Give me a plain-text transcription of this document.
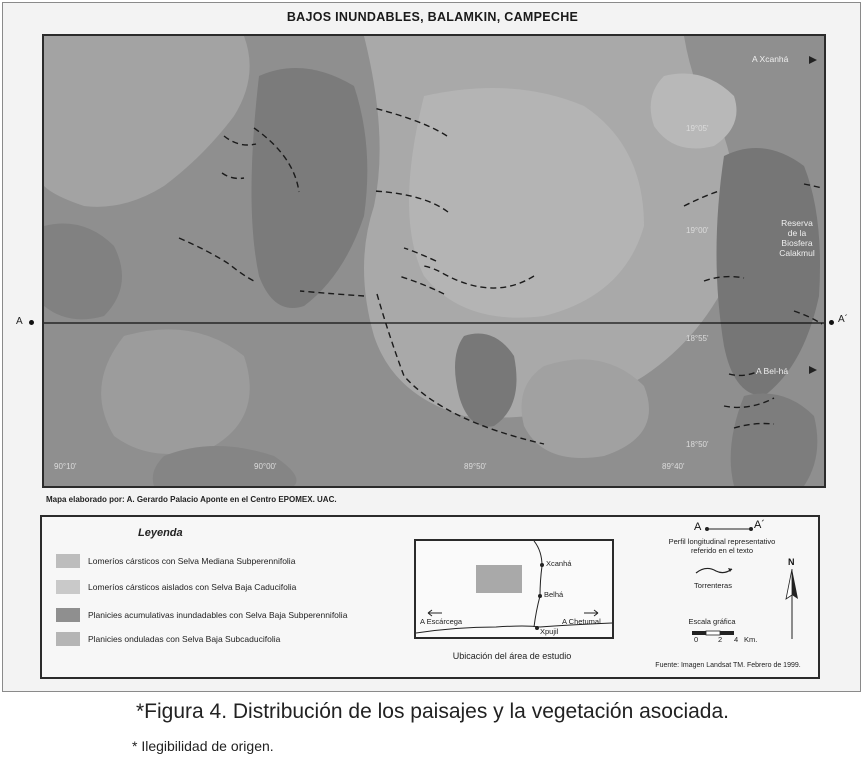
BAJOS INUNDABLES, BALAMKIN, CAMPECHE
A Xcanhá
A Bel-há
Reserva
de la
Biosfera
Calakmul
19°05'
19°00'
18°55'
18°50'
90°10'	90°00'	89°50'	89°40'
A	A´
Mapa elaborado por: A. Gerardo Palacio Aponte en el Centro EPOMEX. UAC.
Leyenda
Lomeríos cársticos con Selva Mediana Subperennifolia
Lomeríos cársticos aislados con Selva Baja Caducifolia
Planicies acumulativas inundadables con Selva Baja Subperennifolia
Planicies onduladas con Selva Baja Subcaducifolia
Xcanhá
Belhá
Xpujil
A Escárcega	A Chetumal
Ubicación del área de estudio
A	A´
Perfil longitudinal representativo
referido en el texto
Torrenteras
N
Escala gráfica
0	2 4 Km.
Fuente: Imagen Landsat TM. Febrero de 1999.
*Figura 4. Distribución de los paisajes y la vegetación asociada.
* Ilegibilidad de origen.
